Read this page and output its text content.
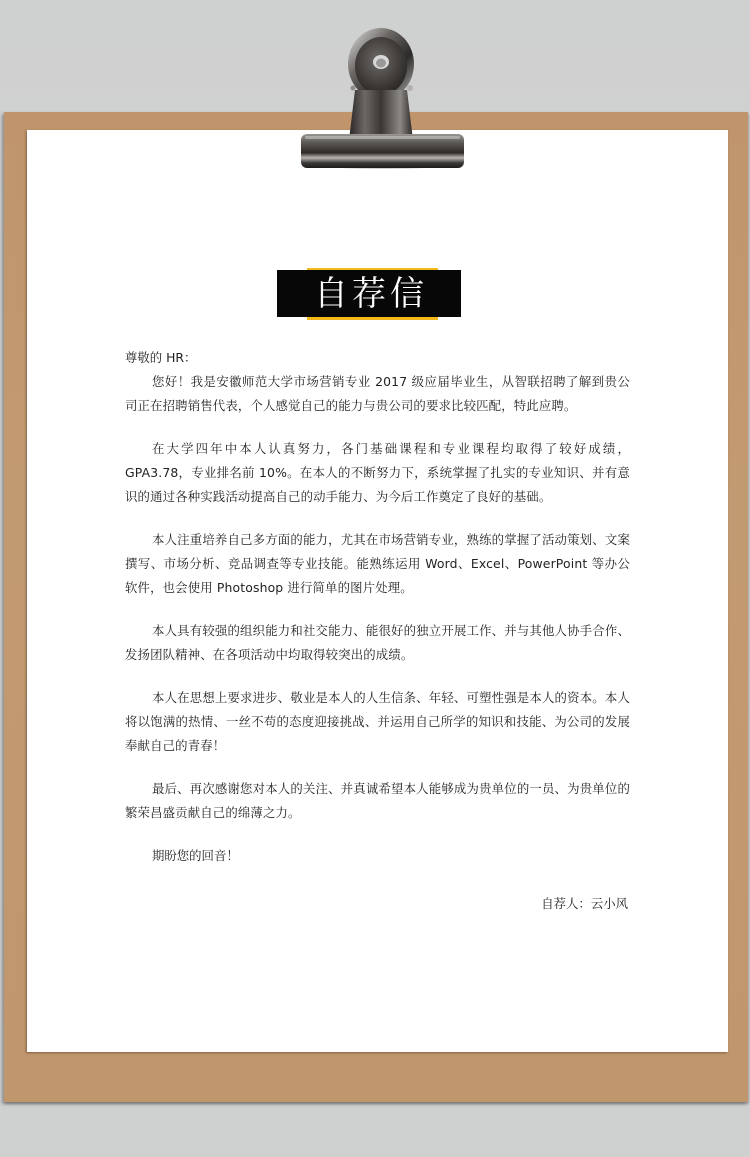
自荐信

尊敬的 HR：

您好！我是安徽师范大学市场营销专业 2017 级应届毕业生，从智联招聘了解到贵公司正在招聘销售代表，个人感觉自己的能力与贵公司的要求比较匹配，特此应聘。

在大学四年中本人认真努力，各门基础课程和专业课程均取得了较好成绩，GPA3.78，专业排名前 10%。在本人的不断努力下，系统掌握了扎实的专业知识、并有意识的通过各种实践活动提高自己的动手能力、为今后工作奠定了良好的基础。

本人注重培养自己多方面的能力，尤其在市场营销专业，熟练的掌握了活动策划、文案撰写、市场分析、竞品调查等专业技能。能熟练运用 Word、Excel、PowerPoint 等办公软件，也会使用 Photoshop 进行简单的图片处理。

本人具有较强的组织能力和社交能力、能很好的独立开展工作、并与其他人协手合作、发扬团队精神、在各项活动中均取得较突出的成绩。

本人在思想上要求进步、敬业是本人的人生信条、年轻、可塑性强是本人的资本。本人将以饱满的热情、一丝不苟的态度迎接挑战、并运用自己所学的知识和技能、为公司的发展奉献自己的青春！

最后、再次感谢您对本人的关注、并真诚希望本人能够成为贵单位的一员、为贵单位的繁荣昌盛贡献自己的绵薄之力。

期盼您的回音！

自荐人：云小风
